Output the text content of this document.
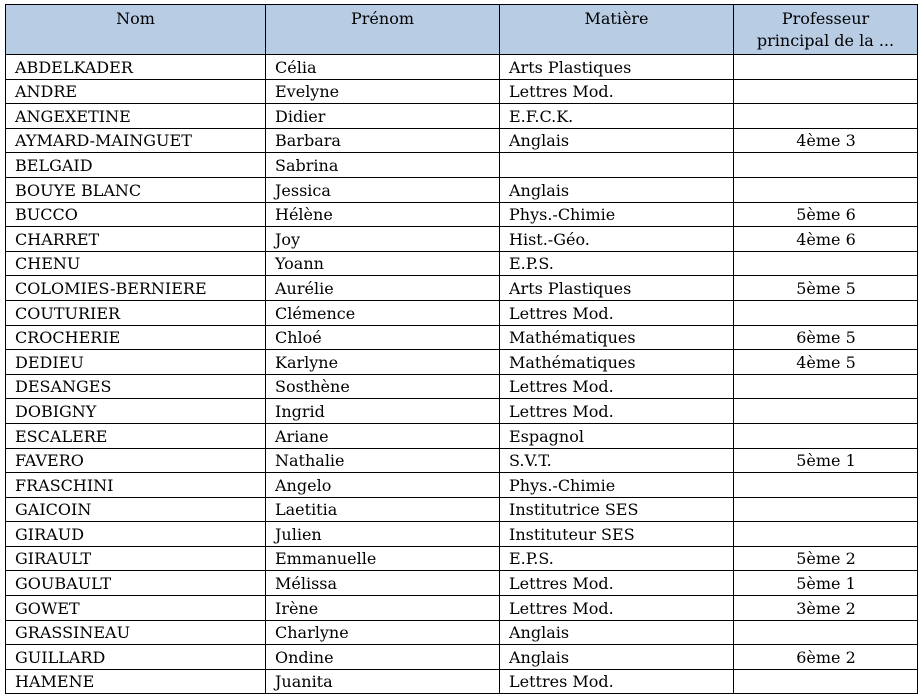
Nom	Prénom	Matière	Professeur
principal de la ...

ABDELKADER	Célia	Arts Plastiques	
ANDRE	Evelyne	Lettres Mod.	
ANGEXETINE	Didier	E.F.C.K.	
AYMARD-MAINGUET	Barbara	Anglais	4ème 3
BELGAID	Sabrina		
BOUYE BLANC	Jessica	Anglais	
BUCCO	Hélène	Phys.-Chimie	5ème 6
CHARRET	Joy	Hist.-Géo.	4ème 6
CHENU	Yoann	E.P.S.	
COLOMIES-BERNIERE	Aurélie	Arts Plastiques	5ème 5
COUTURIER	Clémence	Lettres Mod.	
CROCHERIE	Chloé	Mathématiques	6ème 5
DEDIEU	Karlyne	Mathématiques	4ème 5
DESANGES	Sosthène	Lettres Mod.	
DOBIGNY	Ingrid	Lettres Mod.	
ESCALERE	Ariane	Espagnol	
FAVERO	Nathalie	S.V.T.	5ème 1
FRASCHINI	Angelo	Phys.-Chimie	
GAICOIN	Laetitia	Institutrice SES	
GIRAUD	Julien	Instituteur SES	
GIRAULT	Emmanuelle	E.P.S.	5ème 2
GOUBAULT	Mélissa	Lettres Mod.	5ème 1
GOWET	Irène	Lettres Mod.	3ème 2
GRASSINEAU	Charlyne	Anglais	
GUILLARD	Ondine	Anglais	6ème 2
HAMENE	Juanita	Lettres Mod.	
